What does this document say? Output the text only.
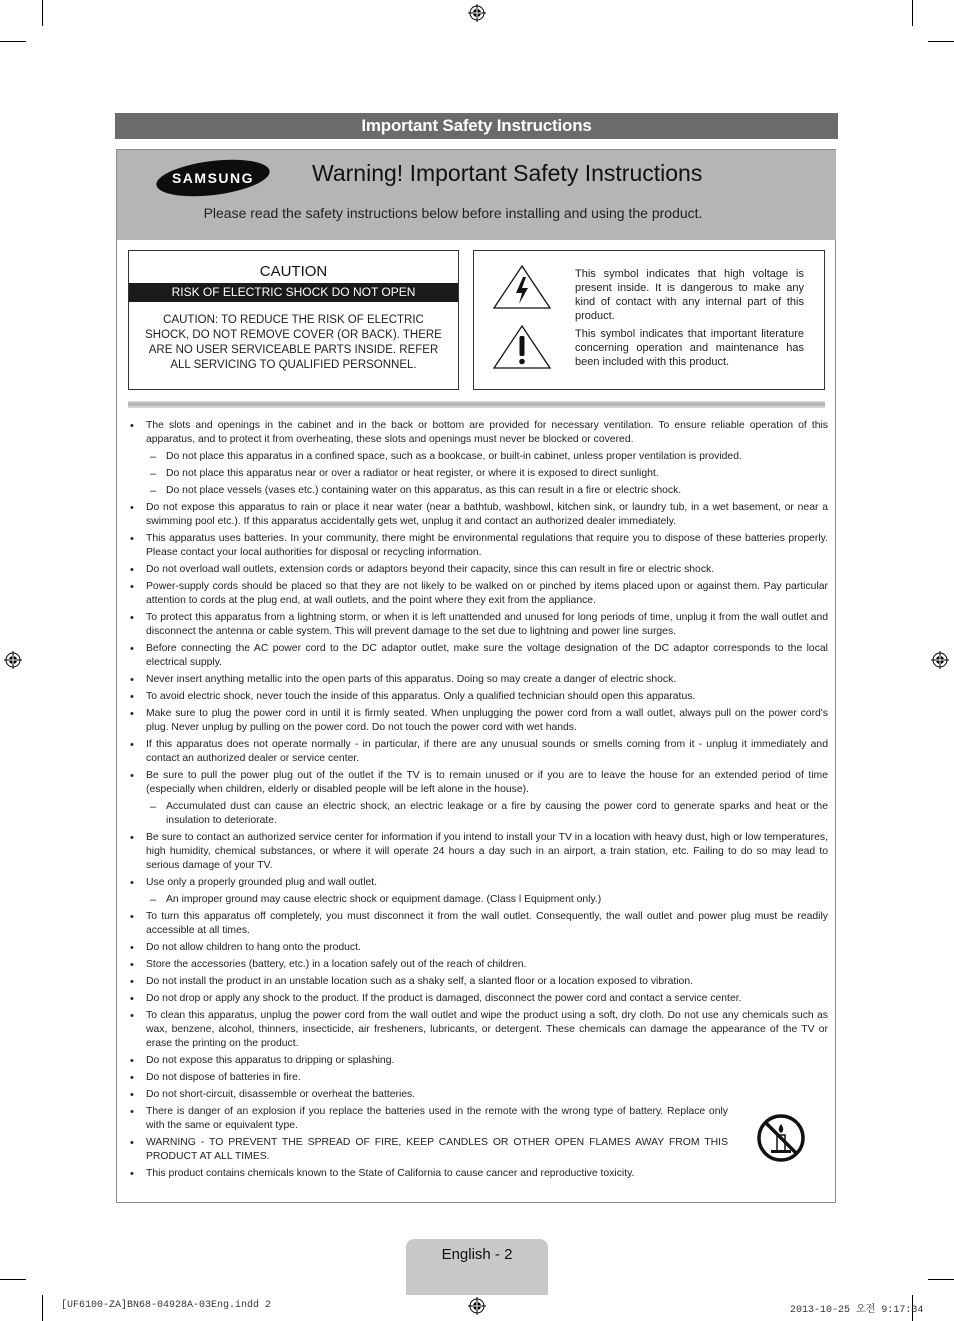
Important Safety Instructions
SAMSUNG	Warning! Important Safety Instructions
Please read the safety instructions below before installing and using the product.
CAUTION
RISK OF ELECTRIC SHOCK DO NOT OPEN
CAUTION: TO REDUCE THE RISK OF ELECTRIC SHOCK, DO NOT REMOVE COVER (OR BACK). THERE ARE NO USER SERVICEABLE PARTS INSIDE. REFER ALL SERVICING TO QUALIFIED PERSONNEL.
This symbol indicates that high voltage is present inside. It is dangerous to make any kind of contact with any internal part of this product.
This symbol indicates that important literature concerning operation and maintenance has been included with this product.
• The slots and openings in the cabinet and in the back or bottom are provided for necessary ventilation. To ensure reliable operation of this apparatus, and to protect it from overheating, these slots and openings must never be blocked or covered.
– Do not place this apparatus in a confined space, such as a bookcase, or built-in cabinet, unless proper ventilation is provided.
– Do not place this apparatus near or over a radiator or heat register, or where it is exposed to direct sunlight.
– Do not place vessels (vases etc.) containing water on this apparatus, as this can result in a fire or electric shock.
• Do not expose this apparatus to rain or place it near water (near a bathtub, washbowl, kitchen sink, or laundry tub, in a wet basement, or near a swimming pool etc.). If this apparatus accidentally gets wet, unplug it and contact an authorized dealer immediately.
• This apparatus uses batteries. In your community, there might be environmental regulations that require you to dispose of these batteries properly. Please contact your local authorities for disposal or recycling information.
• Do not overload wall outlets, extension cords or adaptors beyond their capacity, since this can result in fire or electric shock.
• Power-supply cords should be placed so that they are not likely to be walked on or pinched by items placed upon or against them. Pay particular attention to cords at the plug end, at wall outlets, and the point where they exit from the appliance.
• To protect this apparatus from a lightning storm, or when it is left unattended and unused for long periods of time, unplug it from the wall outlet and disconnect the antenna or cable system. This will prevent damage to the set due to lightning and power line surges.
• Before connecting the AC power cord to the DC adaptor outlet, make sure the voltage designation of the DC adaptor corresponds to the local electrical supply.
• Never insert anything metallic into the open parts of this apparatus. Doing so may create a danger of electric shock.
• To avoid electric shock, never touch the inside of this apparatus. Only a qualified technician should open this apparatus.
• Make sure to plug the power cord in until it is firmly seated. When unplugging the power cord from a wall outlet, always pull on the power cord's plug. Never unplug by pulling on the power cord. Do not touch the power cord with wet hands.
• If this apparatus does not operate normally - in particular, if there are any unusual sounds or smells coming from it - unplug it immediately and contact an authorized dealer or service center.
• Be sure to pull the power plug out of the outlet if the TV is to remain unused or if you are to leave the house for an extended period of time (especially when children, elderly or disabled people will be left alone in the house).
– Accumulated dust can cause an electric shock, an electric leakage or a fire by causing the power cord to generate sparks and heat or the insulation to deteriorate.
• Be sure to contact an authorized service center for information if you intend to install your TV in a location with heavy dust, high or low temperatures, high humidity, chemical substances, or where it will operate 24 hours a day such in an airport, a train station, etc. Failing to do so may lead to serious damage of your TV.
• Use only a properly grounded plug and wall outlet.
– An improper ground may cause electric shock or equipment damage. (Class l Equipment only.)
• To turn this apparatus off completely, you must disconnect it from the wall outlet. Consequently, the wall outlet and power plug must be readily accessible at all times.
• Do not allow children to hang onto the product.
• Store the accessories (battery, etc.) in a location safely out of the reach of children.
• Do not install the product in an unstable location such as a shaky self, a slanted floor or a location exposed to vibration.
• Do not drop or apply any shock to the product. If the product is damaged, disconnect the power cord and contact a service center.
• To clean this apparatus, unplug the power cord from the wall outlet and wipe the product using a soft, dry cloth. Do not use any chemicals such as wax, benzene, alcohol, thinners, insecticide, air fresheners, lubricants, or detergent. These chemicals can damage the appearance of the TV or erase the printing on the product.
• Do not expose this apparatus to dripping or splashing.
• Do not dispose of batteries in fire.
• Do not short-circuit, disassemble or overheat the batteries.
• There is danger of an explosion if you replace the batteries used in the remote with the wrong type of battery. Replace only with the same or equivalent type.
• WARNING - TO PREVENT THE SPREAD OF FIRE, KEEP CANDLES OR OTHER OPEN FLAMES AWAY FROM THIS PRODUCT AT ALL TIMES.
• This product contains chemicals known to the State of California to cause cancer and reproductive toxicity.
English - 2
[UF6100-ZA]BN68-04928A-03Eng.indd 2	2013-10-25 오전 9:17:34
